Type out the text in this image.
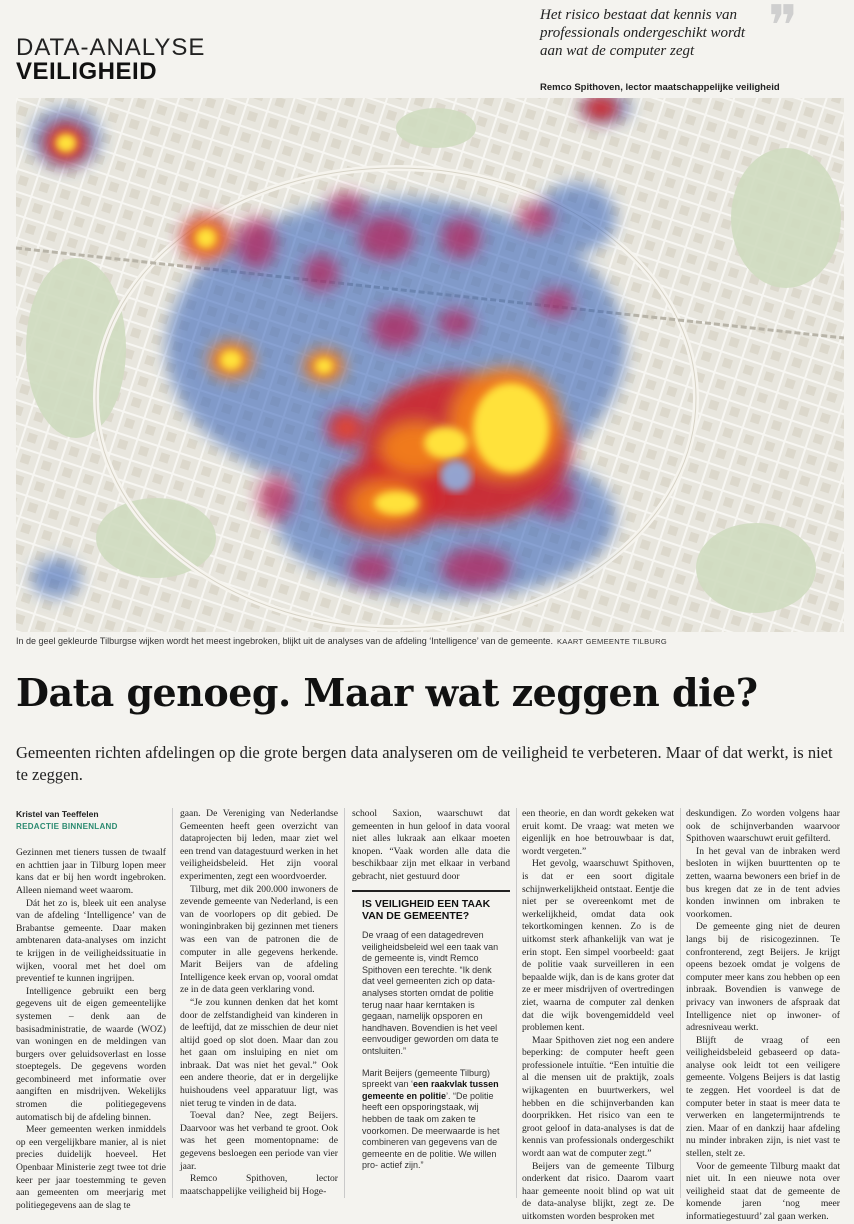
DATA-ANALYSE
VEILIGHEID
❞
Het risico bestaat dat kennis van professionals ondergeschikt wordt aan wat de computer zegt
Remco Spithoven, lector maatschappelijke veiligheid
In de geel gekleurde Tilburgse wijken wordt het meest ingebroken, blijkt uit de analyses van de afdeling ‘Intelligence’ van de gemeente. KAART GEMEENTE TILBURG
Data genoeg. Maar wat zeggen die?
Gemeenten richten afdelingen op die grote bergen data analyseren om de veiligheid te verbeteren. Maar of dat werkt, is niet te zeggen.
Kristel van Teeffelen
REDACTIE BINNENLAND

Gezinnen met tieners tussen de twaalf en achttien jaar in Tilburg lopen meer kans dat er bij hen wordt ingebroken. Alleen niemand weet waarom.

Dát het zo is, bleek uit een analyse van de afdeling ‘Intelligence’ van de Brabantse gemeente. Daar maken ambtenaren data-analyses om inzicht te krijgen in de veiligheidssituatie in wijken, vooral met het doel om preventief te kunnen ingrijpen.

Intelligence gebruikt een berg gegevens uit de eigen gemeentelijke systemen – denk aan de basisadministratie, de waarde (WOZ) van woningen en de meldingen van burgers over geluidsoverlast en losse stoeptegels. De gegevens worden gecombineerd met informatie over aangiften en misdrijven. Wekelijks stromen die politiegegevens automatisch bij de afdeling binnen.

Meer gemeenten werken inmiddels op een vergelijkbare manier, al is niet precies duidelijk hoeveel. Het Openbaar Ministerie zegt twee tot drie keer per jaar toestemming te geven aan gemeenten om meerjarig met politiegegevens aan de slag te

gaan. De Vereniging van Nederlandse Gemeenten heeft geen overzicht van dataprojecten bij leden, maar ziet wel een trend van datagestuurd werken in het veiligheidsbeleid. Het zijn vooral experimenten, zegt een woordvoerder.

Tilburg, met dik 200.000 inwoners de zevende gemeente van Nederland, is een van de voorlopers op dit gebied. De woninginbraken bij gezinnen met tieners was een van de patronen die de computer in alle gegevens herkende. Marit Beijers van de afdeling Intelligence keek ervan op, vooral omdat ze in de data geen verklaring vond.

“Je zou kunnen denken dat het komt door de zelfstandigheid van kinderen in de leeftijd, dat ze misschien de deur niet altijd goed op slot doen. Maar dan zou het gaan om insluiping en niet om inbraak. Dat was niet het geval.” Ook een andere theorie, dat er in dergelijke huishoudens veel apparatuur ligt, was niet terug te vinden in de data.

Toeval dan? Nee, zegt Beijers. Daarvoor was het verband te groot. Ook was het geen momentopname: de gegevens besloegen een periode van vier jaar.

Remco Spithoven, lector maatschappelijke veiligheid bij Hoge-

school Saxion, waarschuwt dat gemeenten in hun geloof in data vooral niet alles lukraak aan elkaar moeten knopen. “Vaak worden alle data die beschikbaar zijn met elkaar in verband gebracht, niet gestuurd door

IS VEILIGHEID EEN TAAK VAN DE GEMEENTE?

De vraag of een datagedreven veiligheidsbeleid wel een taak van de gemeente is, vindt Remco Spithoven een terechte. “Ik denk dat veel gemeenten zich op data-analyses storten omdat de politie terug naar haar kerntaken is gegaan, namelijk opsporen en handhaven. Bovendien is het veel eenvoudiger geworden om data te ontsluiten.”

Marit Beijers (gemeente Tilburg) spreekt van ‘een raakvlak tussen gemeente en politie’. “De politie heeft een opsporingstaak, wij hebben de taak om zaken te voorkomen. De meerwaarde is het combineren van gegevens van de gemeente en de politie. We willen pro- actief zijn.”

een theorie, en dan wordt gekeken wat eruit komt. De vraag: wat meten we eigenlijk en hoe betrouwbaar is dat, wordt vergeten.”

Het gevolg, waarschuwt Spithoven, is dat er een soort digitale schijnwerkelijkheid ontstaat. Eentje die niet per se overeenkomt met de werkelijkheid, omdat data ook tekortkomingen kennen. Zo is de uitkomst sterk afhankelijk van wat je erin stopt. Een simpel voorbeeld: gaat de politie vaak surveilleren in een bepaalde wijk, dan is de kans groter dat ze er meer misdrijven of overtredingen ziet, waarna de computer zal denken dat die wijk bovengemiddeld veel problemen kent.

Maar Spithoven ziet nog een andere beperking: de computer heeft geen professionele intuïtie. “Een intuïtie die al die mensen uit de praktijk, zoals wijkagenten en buurtwerkers, wel hebben en die schijnverbanden kan doorprikken. Het risico van een te groot geloof in data-analyses is dat de kennis van professionals ondergeschikt wordt aan wat de computer zegt.”

Beijers van de gemeente Tilburg onderkent dat risico. Daarom vaart haar gemeente nooit blind op wat uit de data-analyse blijkt, zegt ze. De uitkomsten worden besproken met

deskundigen. Zo worden volgens haar ook de schijnverbanden waarvoor Spithoven waarschuwt eruit gefilterd.

In het geval van de inbraken werd besloten in wijken buurttenten op te zetten, waarna bewoners een brief in de bus kregen dat ze in de tent advies konden inwinnen om inbraken te voorkomen.

De gemeente ging niet de deuren langs bij de risicogezinnen. Te confronterend, zegt Beijers. Je krijgt opeens bezoek omdat je volgens de computer meer kans zou hebben op een inbraak. Bovendien is vanwege de privacy van inwoners de afspraak dat Intelligence niet op inwoner- of adresniveau werkt.

Blijft de vraag of een veiligheidsbeleid gebaseerd op data-analyse ook leidt tot een veiligere gemeente. Volgens Beijers is dat lastig te zeggen. Het voordeel is dat de computer beter in staat is meer data te verwerken en langetermijntrends te zien. Maar of en dankzij haar afdeling nu minder inbraken zijn, is niet vast te stellen, stelt ze.

Voor de gemeente Tilburg maakt dat niet uit. In een nieuwe nota over veiligheid staat dat de gemeente de komende jaren ‘nog meer informatiegestuurd’ zal gaan werken.
